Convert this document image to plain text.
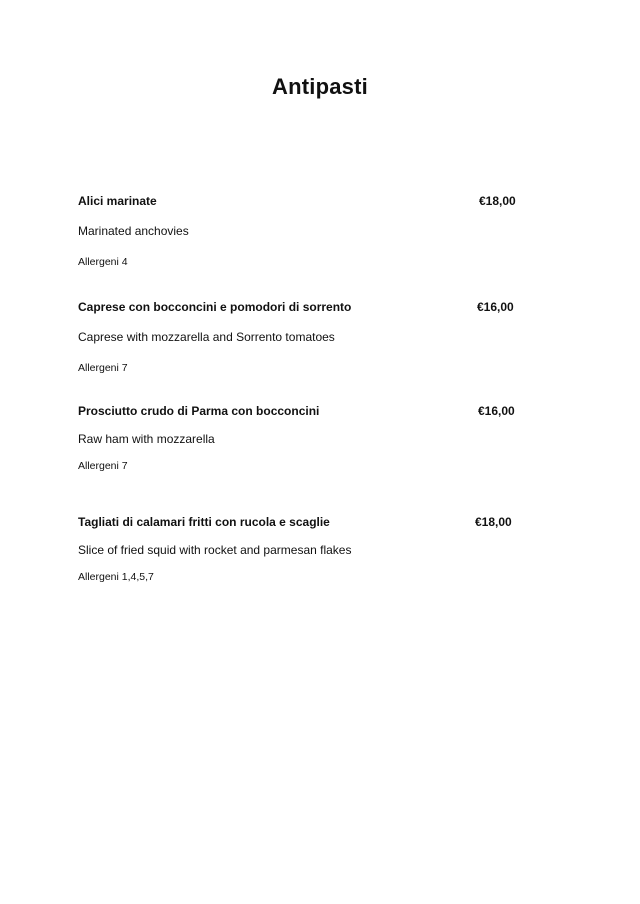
Antipasti
Alici marinate	€18,00
Marinated anchovies
Allergeni 4
Caprese con bocconcini e pomodori di sorrento	€16,00
Caprese with mozzarella and Sorrento tomatoes
Allergeni 7
Prosciutto crudo di Parma con bocconcini	€16,00
Raw ham with mozzarella
Allergeni 7
Tagliati di calamari fritti con rucola e scaglie	€18,00
Slice of fried squid with rocket and parmesan flakes
Allergeni 1,4,5,7
